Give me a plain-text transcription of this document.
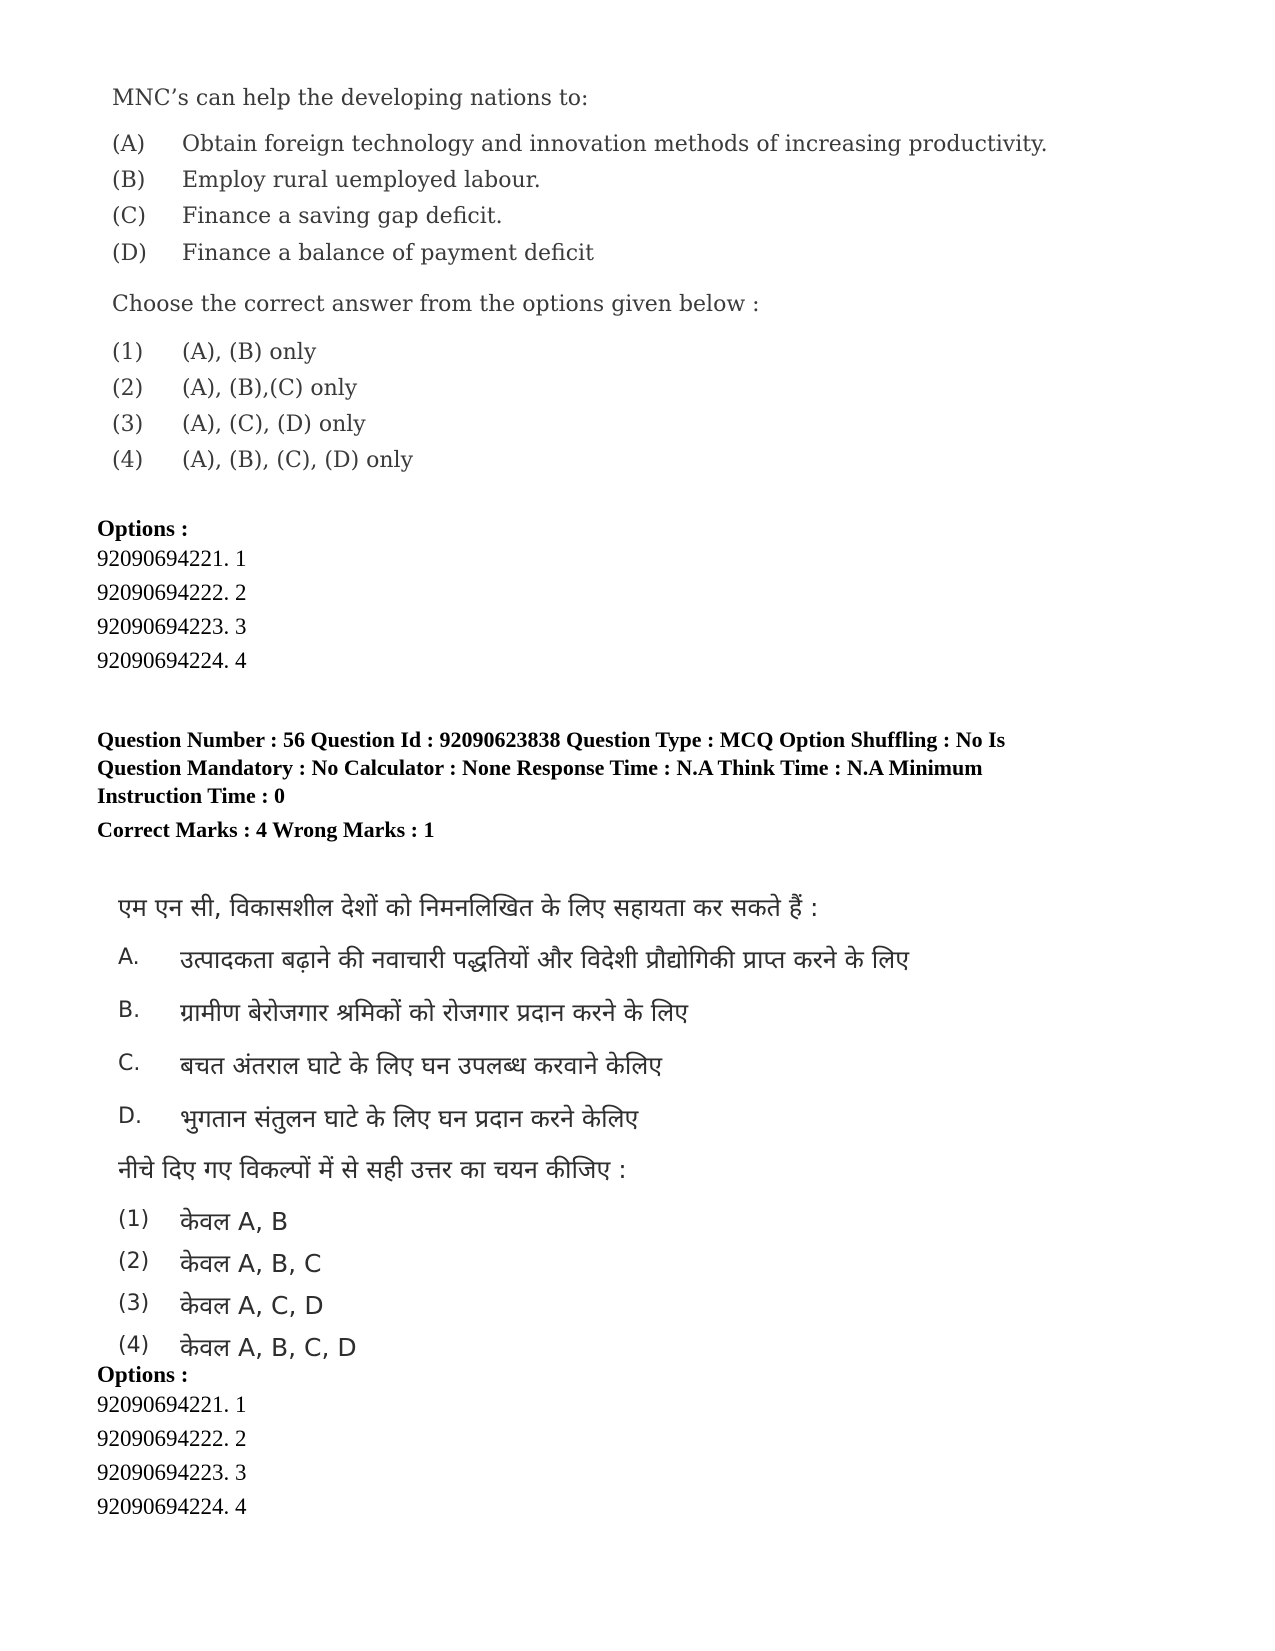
MNC’s can help the developing nations to:
(A)	Obtain foreign technology and innovation methods of increasing productivity.
(B)	Employ rural uemployed labour.
(C)	Finance a saving gap deficit.
(D)	Finance a balance of payment deficit
Choose the correct answer from the options given below :
(1)	(A), (B) only
(2)	(A), (B),(C) only
(3)	(A), (C), (D) only
(4)	(A), (B), (C), (D) only
Options :
92090694221. 1
92090694222. 2
92090694223. 3
92090694224. 4
Question Number : 56 Question Id : 92090623838 Question Type : MCQ Option Shuffling : No Is
Question Mandatory : No Calculator : None Response Time : N.A Think Time : N.A Minimum
Instruction Time : 0
Correct Marks : 4 Wrong Marks : 1
एम एन सी, विकासशील देशों को निमनलिखित के लिए सहायता कर सकते हैं :
A.	उत्पादकता बढ़ाने की नवाचारी पद्धतियों और विदेशी प्रौद्योगिकी प्राप्त करने के लिए
B.	ग्रामीण बेरोजगार श्रमिकों को रोजगार प्रदान करने के लिए
C.	बचत अंतराल घाटे के लिए घन उपलब्ध करवाने केलिए
D.	भुगतान संतुलन घाटे के लिए घन प्रदान करने केलिए
नीचे दिए गए विकल्पों में से सही उत्तर का चयन कीजिए :
(1)	केवल A, B
(2)	केवल A, B, C
(3)	केवल A, C, D
(4)	केवल A, B, C, D
Options :
92090694221. 1
92090694222. 2
92090694223. 3
92090694224. 4
